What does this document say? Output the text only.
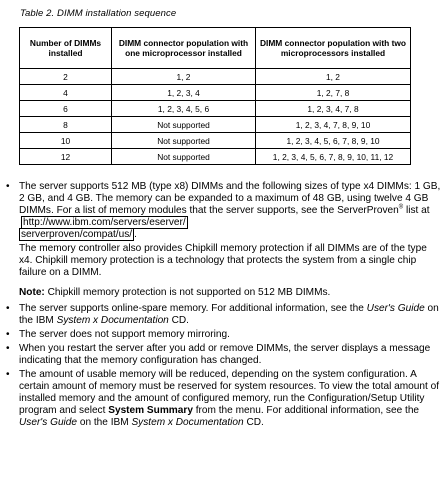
Table 2. DIMM installation sequence
Number of DIMMs installed	DIMM connector population with one microprocessor installed	DIMM connector population with two microprocessors installed
2	1, 2	1, 2
4	1, 2, 3, 4	1, 2, 7, 8
6	1, 2, 3, 4, 5, 6	1, 2, 3, 4, 7, 8
8	Not supported	1, 2, 3, 4, 7, 8, 9, 10
10	Not supported	1, 2, 3, 4, 5, 6, 7, 8, 9, 10
12	Not supported	1, 2, 3, 4, 5, 6, 7, 8, 9, 10, 11, 12
• The server supports 512 MB (type x8) DIMMs and the following sizes of type x4 DIMMs: 1 GB, 2 GB, and 4 GB. The memory can be expanded to a maximum of 48 GB, using twelve 4 GB DIMMs. For a list of memory modules that the server supports, see the ServerProven® list at http://www.ibm.com/servers/eserver/
serverproven/compat/us/ .
The memory controller also provides Chipkill memory protection if all DIMMs are of the type x4. Chipkill memory protection is a technology that protects the system from a single chip failure on a DIMM.
Note: Chipkill memory protection is not supported on 512 MB DIMMs.
• The server supports online-spare memory. For additional information, see the User's Guide on the IBM System x Documentation CD.
• The server does not support memory mirroring.
• When you restart the server after you add or remove DIMMs, the server displays a message indicating that the memory configuration has changed.
• The amount of usable memory will be reduced, depending on the system configuration. A certain amount of memory must be reserved for system resources. To view the total amount of installed memory and the amount of configured memory, run the Configuration/Setup Utility program and select System Summary from the menu. For additional information, see the User's Guide on the IBM System x Documentation CD.
